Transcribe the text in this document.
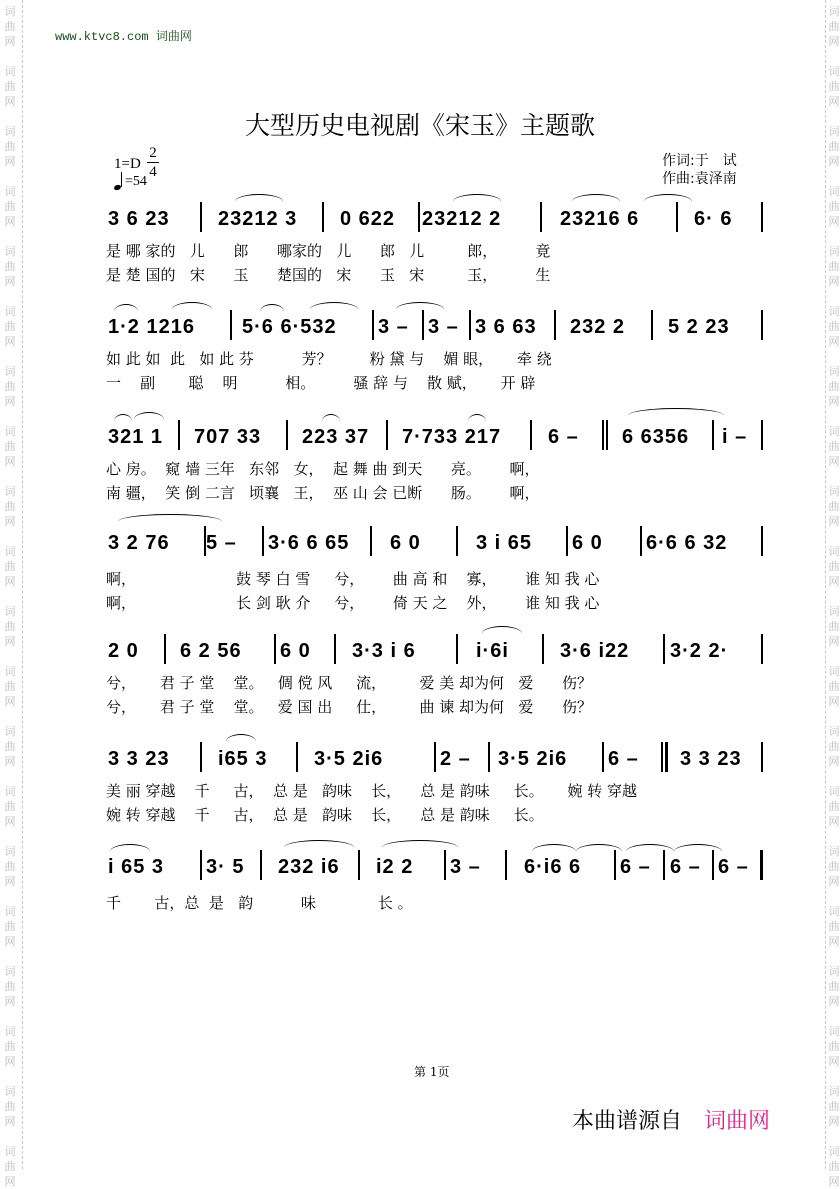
词
曲
网
词
曲
网
词
曲
网
词
曲
网
词
曲
网
词
曲
网
词
曲
网
词
曲
网
词
曲
网
词
曲
网
词
曲
网
词
曲
网
词
曲
网
词
曲
网
词
曲
网
词
曲
网
词
曲
网
词
曲
网
词
曲
网
词
曲
网
词
曲
网
词
曲
网
词
曲
网
词
曲
网
词
曲
网
词
曲
网
词
曲
网
词
曲
网
词
曲
网
词
曲
网
词
曲
网
词
曲
网
词
曲
网
词
曲
网
词
曲
网
词
曲
网
词
曲
网
词
曲
网
词
曲
网
词
曲
网
www.ktvc8.com 词曲网
大型历史电视剧《宋玉》主题歌
1=D
2
4
=54
作词:于　试
作曲:袁泽南
3 6 23 23212 3 0 622 23212 2	23216 6	6· 6
是 哪 家的   儿      郎      哪家的   儿      郎   儿         郎，        竟
是 楚 国的   宋      玉      楚国的   宋      玉   宋         玉，        生
1·2 1216 5·6 6·532 3 – 3 – 3 6 63 232 2 5 2 23
如 此 如  此   如 此 芬          芳？        粉 黛 与    媚 眼，     牵 绕
一    副       聪    明          相。        骚 辞 与    散 赋，     开 辟
321 1 707 33 223 37 7·733 217 6 – 6 6356 i –
心 房。  窥 墙 三年   东邻   女，  起 舞 曲 到天      亮。      啊，
南 疆，  笑 倒 二言   顷襄   王，  巫 山 会 已断      肠。      啊，
3 2 76 5 – 3·6 6 65 6 0	3 i 65 6 0 6·6 6 32
啊，                     鼓 琴 白 雪     兮，      曲 高 和    寡，      谁 知 我 心
啊，                     长 剑 耿 介     兮，      倚 天 之    外，      谁 知 我 心
2 0 6 2 56 6 0 3·3 i 6	i·6i	3·6 i22 3·2 2·
兮，     君 子 堂    堂。   倜 傥 风     流，       爱 美 却为何   爱      伤？
兮，     君 子 堂    堂。   爱 国 出     仕，       曲 谏 却为何   爱      伤？
3 3 23 i65 3 3·5 2i6	2 – 3·5 2i6 6 – 3 3 23
美 丽 穿越    千     古，  总 是   韵味    长，    总 是 韵味     长。     婉 转 穿越
婉 转 穿越    千     古，  总 是   韵味    长，    总 是 韵味     长。
i 65 3 3· 5 232 i6 i2 2 3 – 6·i6 6 6 – 6 – 6 –
千       古，总  是   韵          味             长 。
第 1页
本曲谱源自 词曲网
